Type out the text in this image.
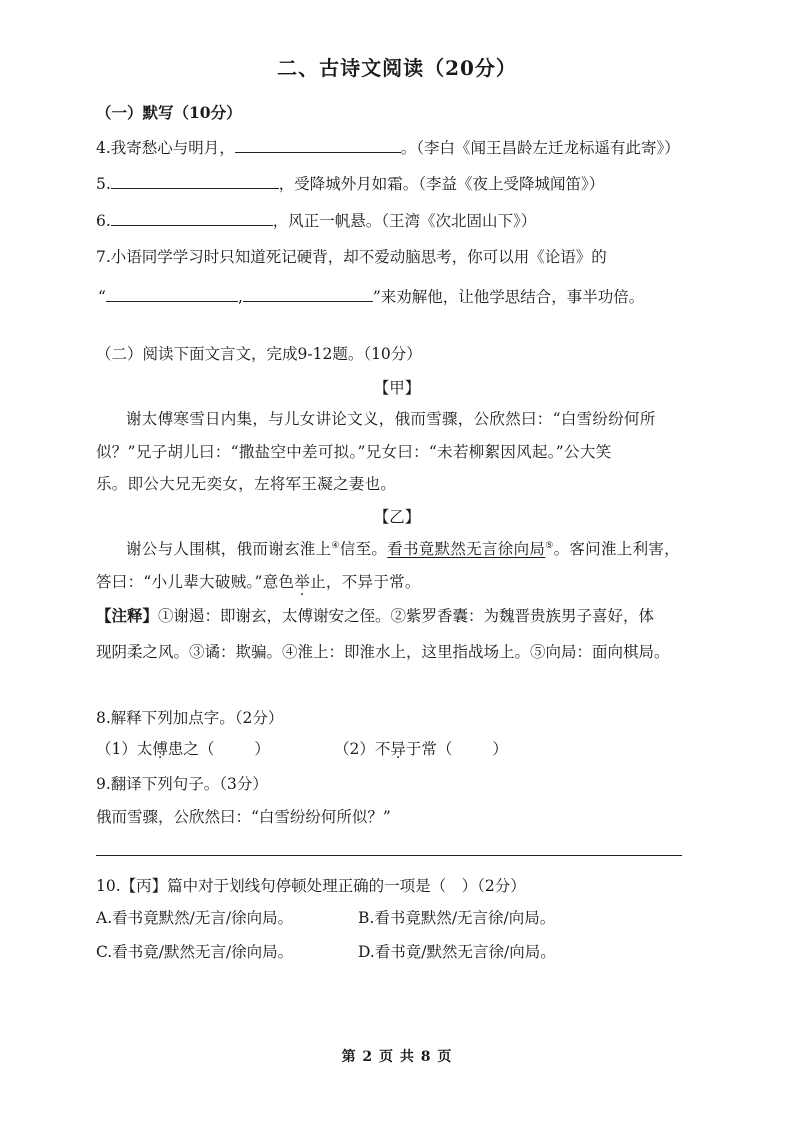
二、古诗文阅读（20分）
（一）默写（10分）
4.我寄愁心与明月，	。（李白《闻王昌龄左迁龙标遥有此寄》）
5.	，受降城外月如霜。（李益《夜上受降城闻笛》）
6.	，风正一帆悬。（王湾《次北固山下》）
7.小语同学学习时只知道死记硬背，却不爱动脑思考，你可以用《论语》的
“	,	”来劝解他，让他学思结合，事半功倍。
（二）阅读下面文言文，完成9-12题。（10分）
【甲】
谢太傅寒雪日内集，与儿女讲论文义，俄而雪骤，公欣然曰：“白雪纷纷何所
似？”兄子胡儿曰：“撒盐空中差可拟。”兄女曰：“未若柳絮因风起。”公大笑
乐。即公大兄无奕女，左将军王凝之妻也。
【乙】
谢公与人围棋，俄而谢玄淮上④信至。看书竟默然无言徐向局⑤。客问淮上利害，
答曰：“小儿辈大破贼。”意色举止，不异于常。
【注释】①谢遏：即谢玄，太傅谢安之侄。②紫罗香囊：为魏晋贵族男子喜好，体
现阴柔之风。③谲：欺骗。④淮上：即淮水上，这里指战场上。⑤向局：面向棋局。
8.解释下列加点字。（2分）
（1）太傅患之（	）	（2）不异于常（	）
9.翻译下列句子。（3分）
俄而雪骤，公欣然曰：“白雪纷纷何所似？”
10.【丙】篇中对于划线句停顿处理正确的一项是（　）（2分）
A.看书竟默然/无言/徐向局。	B.看书竟默然/无言徐/向局。
C.看书竟/默然无言/徐向局。	D.看书竟/默然无言徐/向局。
第 2 页 共 8 页
